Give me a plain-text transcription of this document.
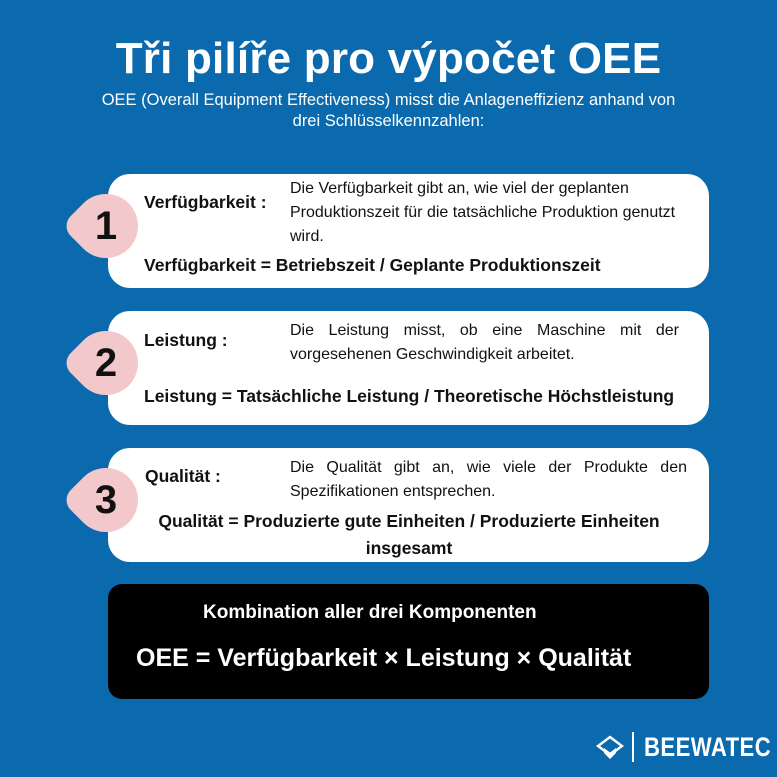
Tři pilíře pro výpočet OEE
OEE (Overall Equipment Effectiveness) misst die Anlageneffizienz anhand von drei Schlüsselkennzahlen:
Verfügbarkeit :
Die Verfügbarkeit gibt an, wie viel der geplanten Produktionszeit für die tatsächliche Produktion genutzt wird.
Verfügbarkeit = Betriebszeit / Geplante Produktionszeit
1
Leistung :	Die Leistung misst, ob eine Maschine mit der vorgesehenen Geschwindigkeit arbeitet.
Leistung = Tatsächliche Leistung / Theoretische Höchstleistung
2
Qualität :	Die Qualität gibt an, wie viele der Produkte den Spezifikationen entsprechen.
Qualität = Produzierte gute Einheiten / Produzierte Einheiten insgesamt
3
Kombination aller drei Komponenten
OEE = Verfügbarkeit × Leistung × Qualität
BEEWATEC
